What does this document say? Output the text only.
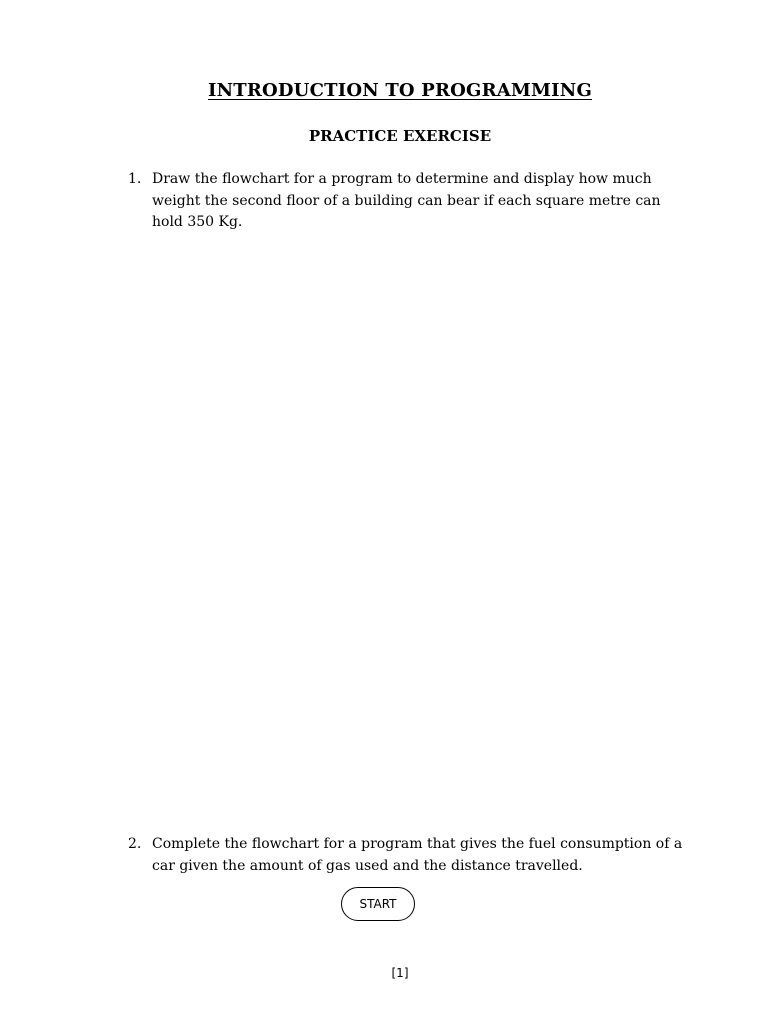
INTRODUCTION TO PROGRAMMING
PRACTICE EXERCISE
1. Draw the flowchart for a program to determine and display how much weight the second floor of a building can bear if each square metre can hold 350 Kg.
2. Complete the flowchart for a program that gives the fuel consumption of a car given the amount of gas used and the distance travelled.
START
[1]
